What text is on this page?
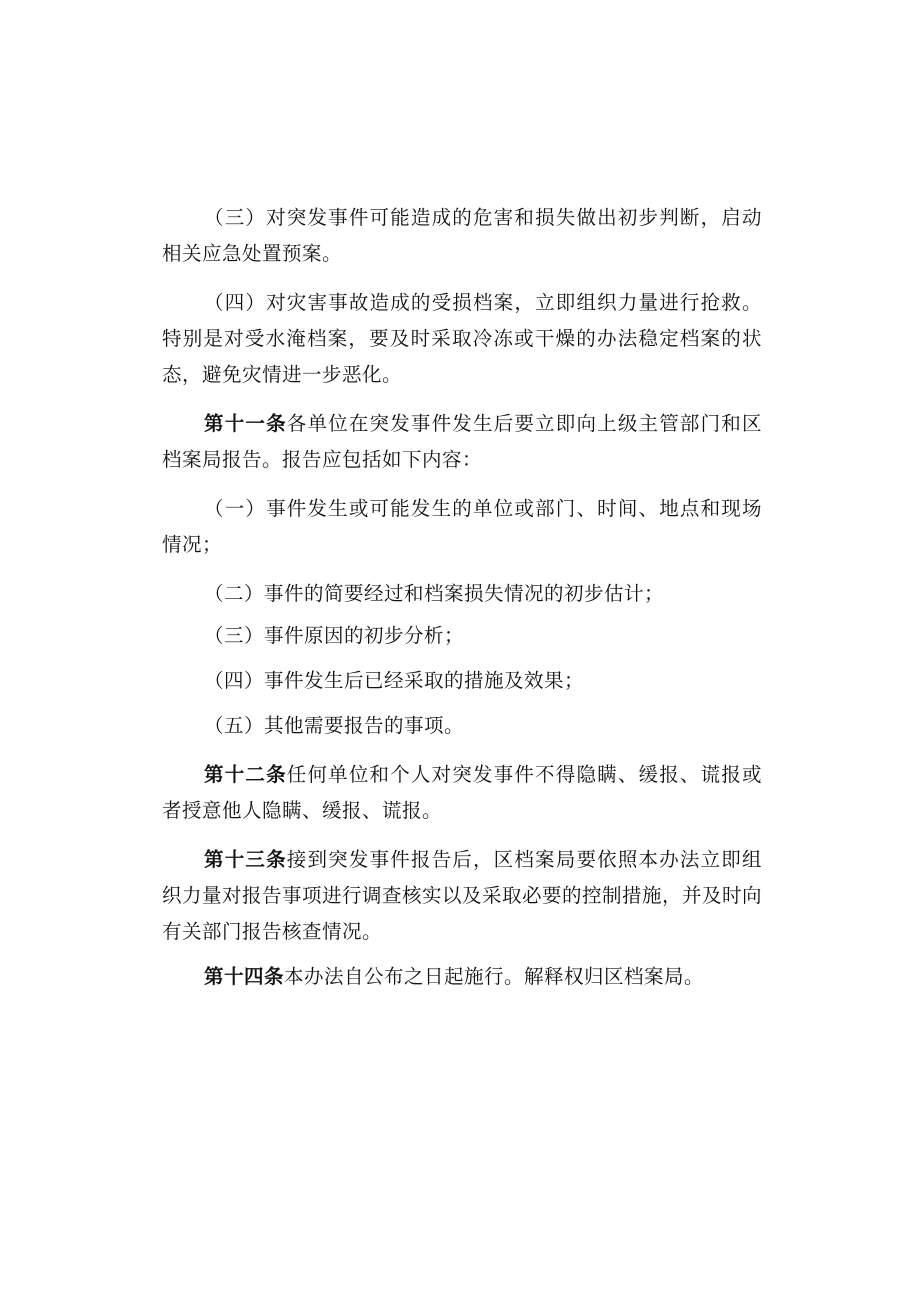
（三）对突发事件可能造成的危害和损失做出初步判断，启动相关应急处置预案。

（四）对灾害事故造成的受损档案，立即组织力量进行抢救。特别是对受水淹档案，要及时采取冷冻或干燥的办法稳定档案的状态，避免灾情进一步恶化。

第十一条各单位在突发事件发生后要立即向上级主管部门和区档案局报告。报告应包括如下内容：

（一）事件发生或可能发生的单位或部门、时间、地点和现场情况；

（二）事件的简要经过和档案损失情况的初步估计；

（三）事件原因的初步分析；

（四）事件发生后已经采取的措施及效果；

（五）其他需要报告的事项。

第十二条任何单位和个人对突发事件不得隐瞒、缓报、谎报或者授意他人隐瞒、缓报、谎报。

第十三条接到突发事件报告后，区档案局要依照本办法立即组织力量对报告事项进行调查核实以及采取必要的控制措施，并及时向有关部门报告核查情况。

第十四条本办法自公布之日起施行。解释权归区档案局。
